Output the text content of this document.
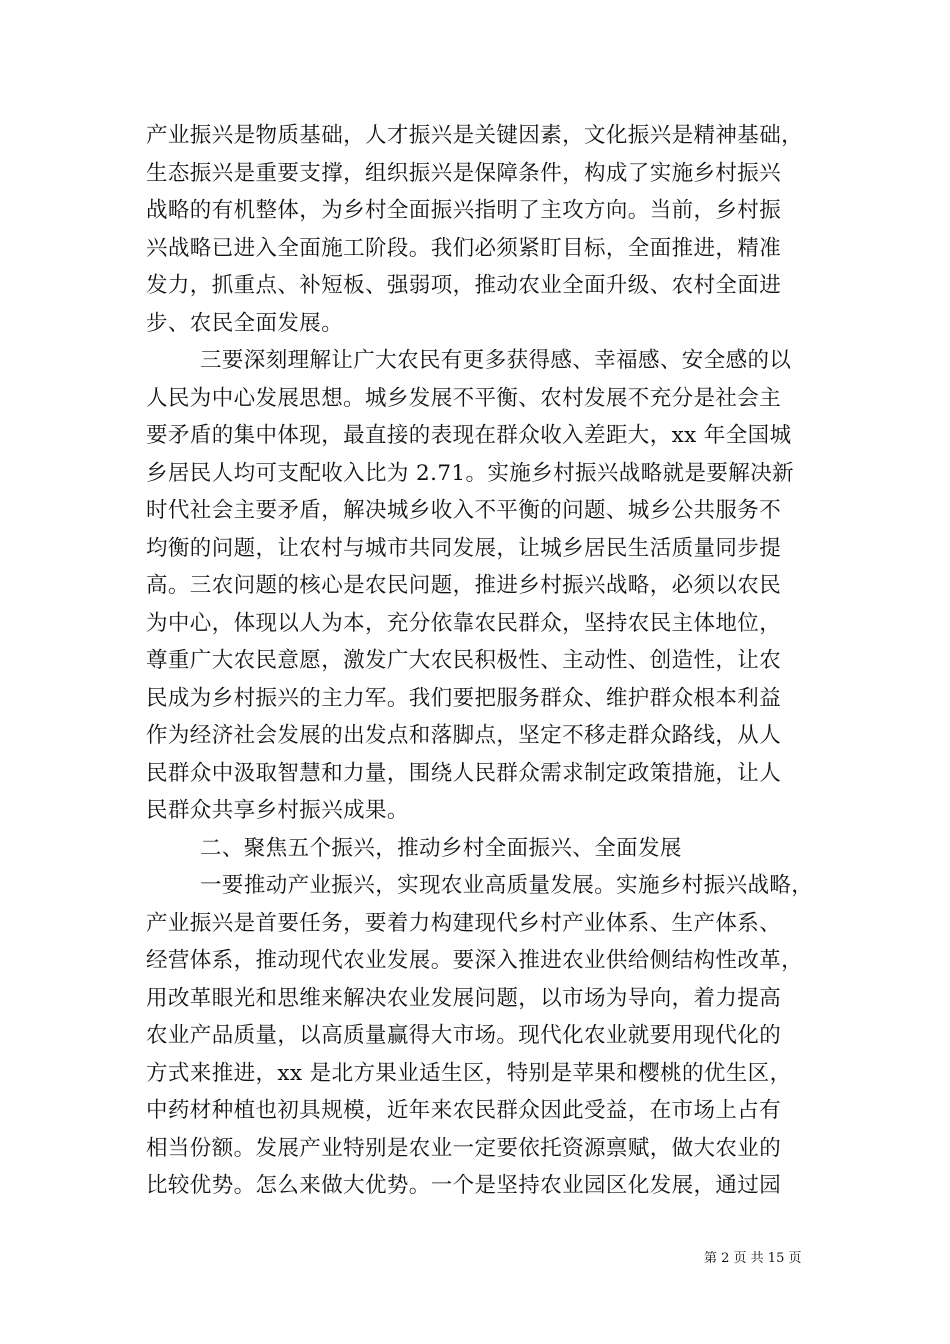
产业振兴是物质基础，人才振兴是关键因素，文化振兴是精神基础，
生态振兴是重要支撑，组织振兴是保障条件，构成了实施乡村振兴
战略的有机整体，为乡村全面振兴指明了主攻方向。当前，乡村振
兴战略已进入全面施工阶段。我们必须紧盯目标，全面推进，精准
发力，抓重点、补短板、强弱项，推动农业全面升级、农村全面进
步、农民全面发展。
三要深刻理解让广大农民有更多获得感、幸福感、安全感的以
人民为中心发展思想。城乡发展不平衡、农村发展不充分是社会主
要矛盾的集中体现，最直接的表现在群众收入差距大，xx 年全国城
乡居民人均可支配收入比为 2.71。实施乡村振兴战略就是要解决新
时代社会主要矛盾，解决城乡收入不平衡的问题、城乡公共服务不
均衡的问题，让农村与城市共同发展，让城乡居民生活质量同步提
高。三农问题的核心是农民问题，推进乡村振兴战略，必须以农民
为中心，体现以人为本，充分依靠农民群众，坚持农民主体地位，
尊重广大农民意愿，激发广大农民积极性、主动性、创造性，让农
民成为乡村振兴的主力军。我们要把服务群众、维护群众根本利益
作为经济社会发展的出发点和落脚点，坚定不移走群众路线，从人
民群众中汲取智慧和力量，围绕人民群众需求制定政策措施，让人
民群众共享乡村振兴成果。
二、聚焦五个振兴，推动乡村全面振兴、全面发展
一要推动产业振兴，实现农业高质量发展。实施乡村振兴战略，
产业振兴是首要任务，要着力构建现代乡村产业体系、生产体系、
经营体系，推动现代农业发展。要深入推进农业供给侧结构性改革，
用改革眼光和思维来解决农业发展问题，以市场为导向，着力提高
农业产品质量，以高质量赢得大市场。现代化农业就要用现代化的
方式来推进，xx 是北方果业适生区，特别是苹果和樱桃的优生区，
中药材种植也初具规模，近年来农民群众因此受益，在市场上占有
相当份额。发展产业特别是农业一定要依托资源禀赋，做大农业的
比较优势。怎么来做大优势。一个是坚持农业园区化发展，通过园
第 2 页 共 15 页
